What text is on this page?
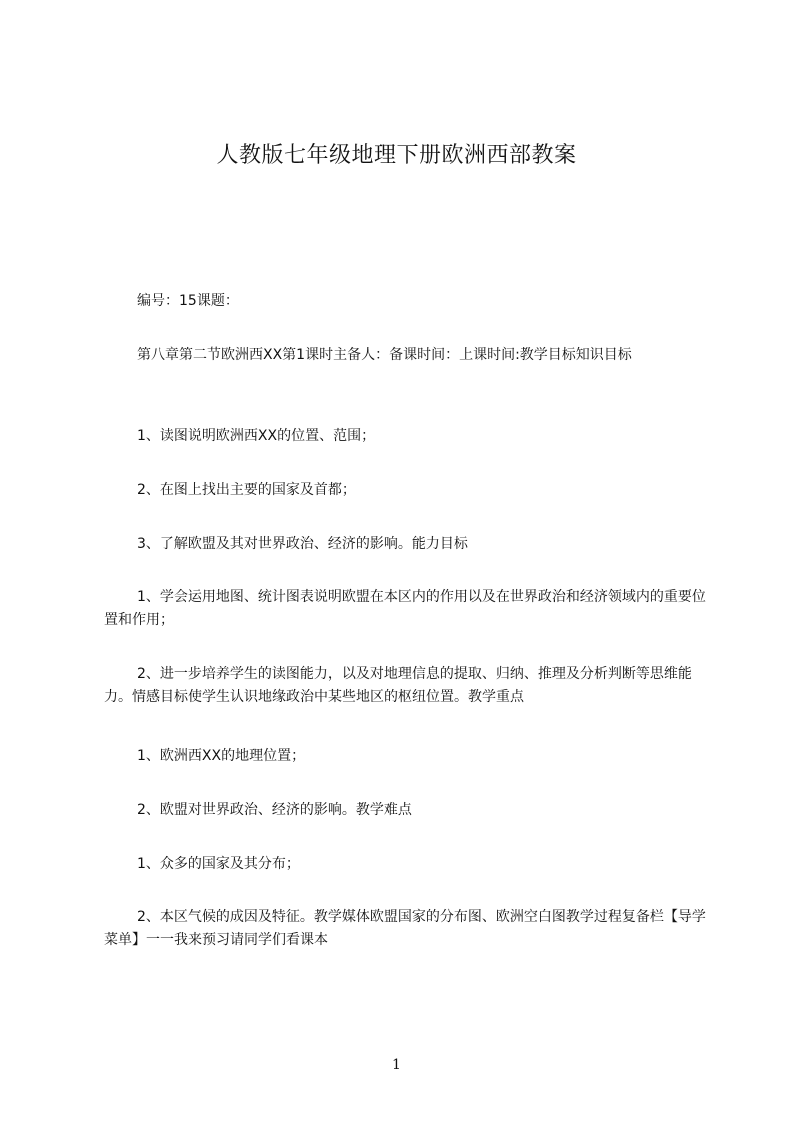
人教版七年级地理下册欧洲西部教案

编号：15课题：

第八章第二节欧洲西XX第1课时主备人：备课时间：上课时间:教学目标知识目标

1、读图说明欧洲西XX的位置、范围；

2、在图上找出主要的国家及首都；

3、了解欧盟及其对世界政治、经济的影响。能力目标

1、学会运用地图、统计图表说明欧盟在本区内的作用以及在世界政治和经济领域内的重要位置和作用；

2、进一步培养学生的读图能力，以及对地理信息的提取、归纳、推理及分析判断等思维能力。情感目标使学生认识地缘政治中某些地区的枢纽位置。教学重点

1、欧洲西XX的地理位置；

2、欧盟对世界政治、经济的影响。教学难点

1、众多的国家及其分布；

2、本区气候的成因及特征。教学媒体欧盟国家的分布图、欧洲空白图教学过程复备栏【导学菜单】一一我来预习请同学们看课本

1
